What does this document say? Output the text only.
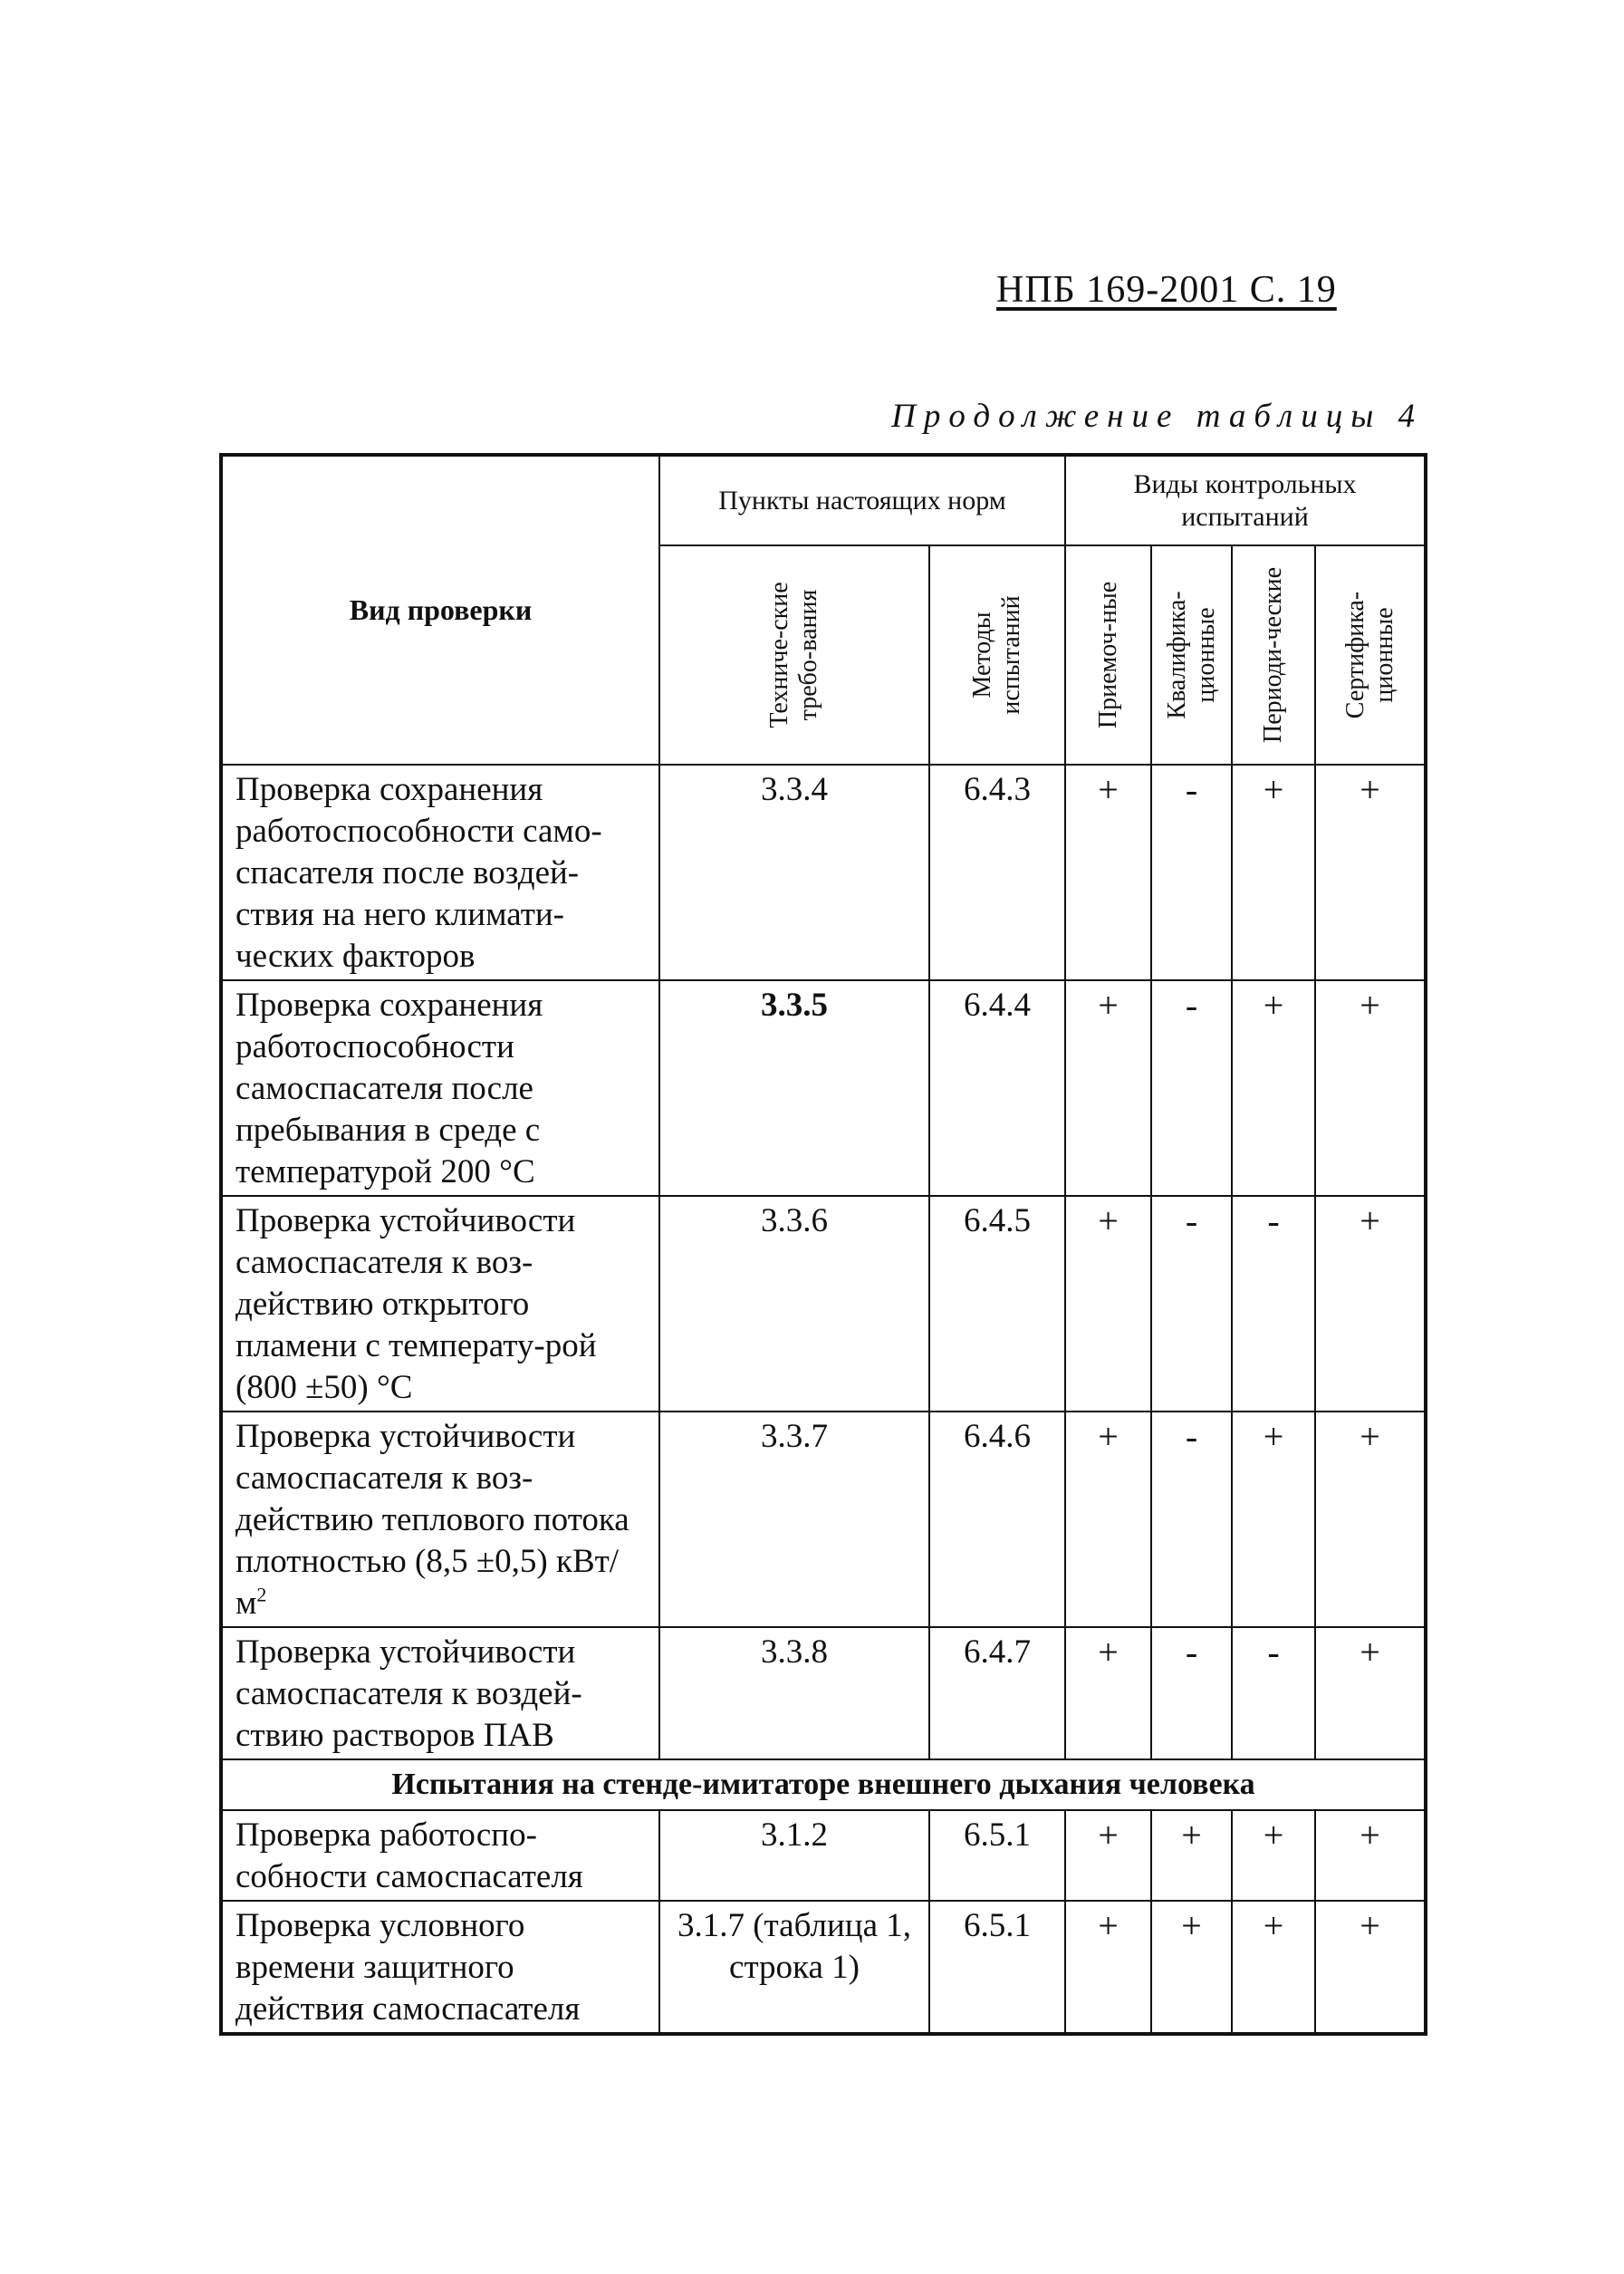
НПБ 169-2001 С. 19
Продолжение таблицы 4
Вид проверки	Пункты настоящих норм		Виды контрольных испытаний			

	Техниче-ские требо-вания	Методы испытаний	Приемоч-ные	Квалифика-ционные	Периоди-ческие	Сертифика-ционные

Проверка сохранения работоспособности само-спасателя после воздей-ствия на него климати-ческих факторов	3.3.4	6.4.3	+	-	+	+
Проверка сохранения работоспособности самоспасателя после пребывания в среде с температурой 200 °С	3.3.5	6.4.4	+	-	+	+
Проверка устойчивости самоспасателя к воз-действию открытого пламени с температу-рой (800 ±50) °С	3.3.6	6.4.5	+	-	-	+
Проверка устойчивости самоспасателя к воз-действию теплового потока плотностью (8,5 ±0,5) кВт/$м^2$	3.3.7	6.4.6	+	-	+	+
Проверка устойчивости самоспасателя к воздей-ствию растворов ПАВ	3.3.8	6.4.7	+	-	-	+
Испытания на стенде-имитаторе внешнего дыхания человека						
Проверка работоспо-собности самоспасателя	3.1.2	6.5.1	+	+	+	+
Проверка условного времени защитного действия самоспасателя	3.1.7 (таблица 1, строка 1)	6.5.1	+	+	+	+
